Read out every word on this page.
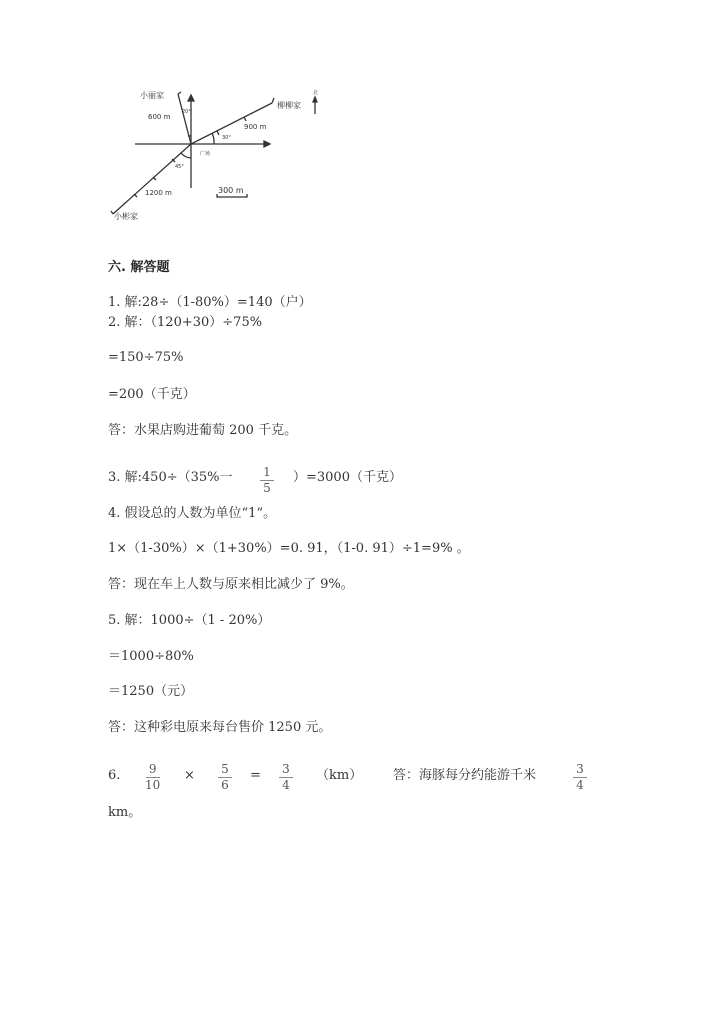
小丽家
柳柳家
小彬家
广场
北
600 m
900 m
1200 m
20°
30°
45°
300 m
六. 解答题
1. 解:28÷（1-80%）=140（户）
2. 解：（120+30）÷75%
=150÷75%
=200（千克）
答：水果店购进葡萄 200 千克。
3. 解:450÷（35%一	1
5
）=3000（千克）
4. 假设总的人数为单位“1”。
1×（1-30%）×（1+30%）=0. 91，（1-0. 91）÷1=9% 。
答：现在车上人数与原来相比减少了 9%。
5. 解：1000÷（1 - 20%）
＝1000÷80%
＝1250（元）
答：这种彩电原来每台售价 1250 元。
6. 9
10
× 5
6
= 3
4
（km） 答：海豚每分约能游千米	3
4
km。
